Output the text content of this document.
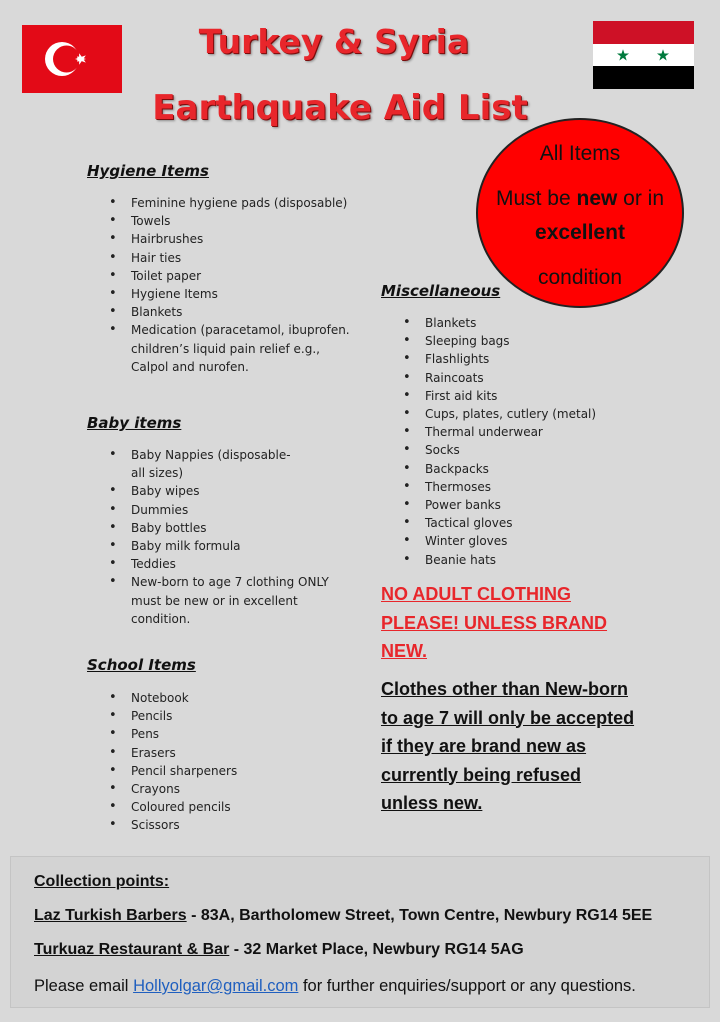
Turkey & Syria
Earthquake Aid List
All Items
Must be new or in
excellent
condition
Hygiene Items
• Feminine hygiene pads (disposable)
• Towels
• Hairbrushes
• Hair ties
• Toilet paper
• Hygiene Items
• Blankets
• Medication (paracetamol, ibuprofen. children’s liquid pain relief e.g., Calpol and nurofen.
Baby items
• Baby Nappies (disposable- all sizes)
• Baby wipes
• Dummies
• Baby bottles
• Baby milk formula
• Teddies
• New-born to age 7 clothing ONLY must be new or in excellent condition.
School Items
• Notebook
• Pencils
• Pens
• Erasers
• Pencil sharpeners
• Crayons
• Coloured pencils
• Scissors
Miscellaneous
• Blankets
• Sleeping bags
• Flashlights
• Raincoats
• First aid kits
• Cups, plates, cutlery (metal)
• Thermal underwear
• Socks
• Backpacks
• Thermoses
• Power banks
• Tactical gloves
• Winter gloves
• Beanie hats
NO ADULT CLOTHING PLEASE! UNLESS BRAND NEW.
Clothes other than New-born to age 7 will only be accepted if they are brand new as currently being refused unless new.
Collection points:
Laz Turkish Barbers - 83A, Bartholomew Street, Town Centre, Newbury RG14 5EE
Turkuaz Restaurant & Bar - 32 Market Place, Newbury RG14 5AG
Please email Hollyolgar@gmail.com for further enquiries/support or any questions.
